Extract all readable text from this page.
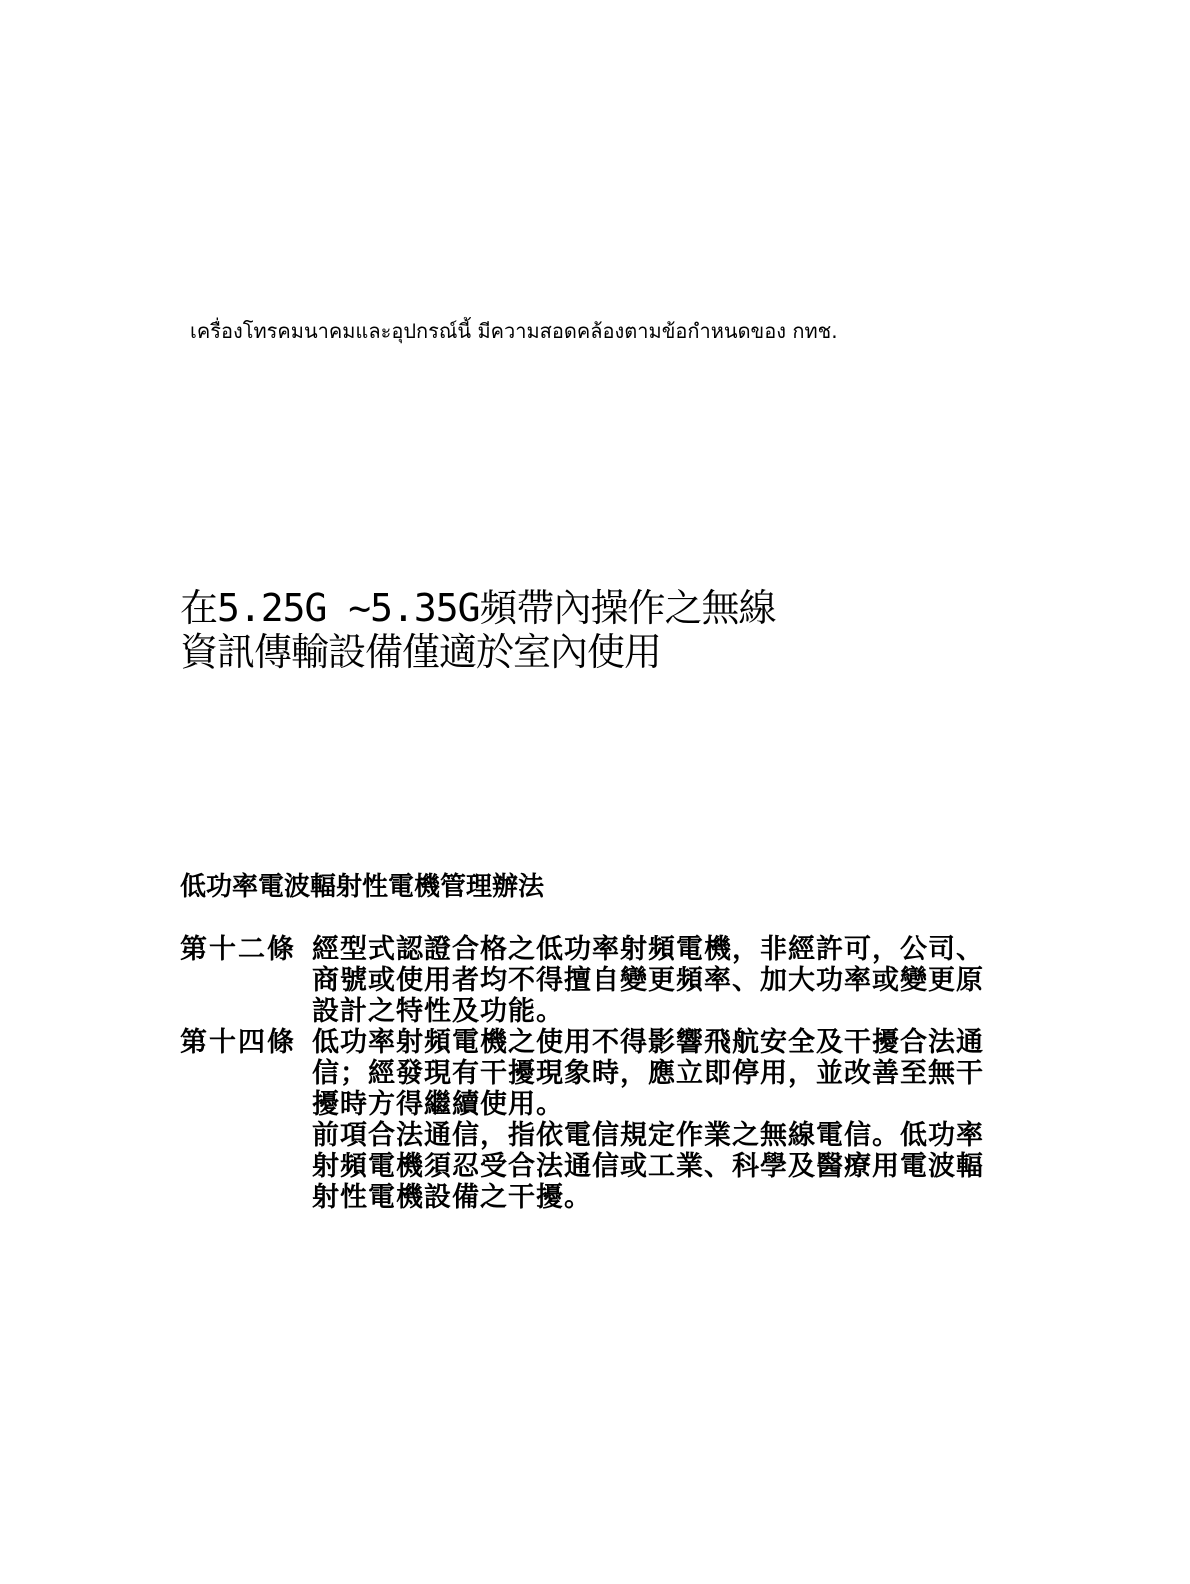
เครื่องโทรคมนาคมและอุปกรณ์นี้ มีความสอดคล้องตามข้อกำหนดของ กทช.
在5.25G ~5.35G頻帶內操作之無線
資訊傳輸設備僅適於室內使用
低功率電波輻射性電機管理辦法
第十二條 經型式認證合格之低功率射頻電機，非經許可，公司、
商號或使用者均不得擅自變更頻率、加大功率或變更原
設計之特性及功能。
第十四條 低功率射頻電機之使用不得影響飛航安全及干擾合法通
信；經發現有干擾現象時，應立即停用，並改善至無干
擾時方得繼續使用。
前項合法通信，指依電信規定作業之無線電信。低功率
射頻電機須忍受合法通信或工業、科學及醫療用電波輻
射性電機設備之干擾。
